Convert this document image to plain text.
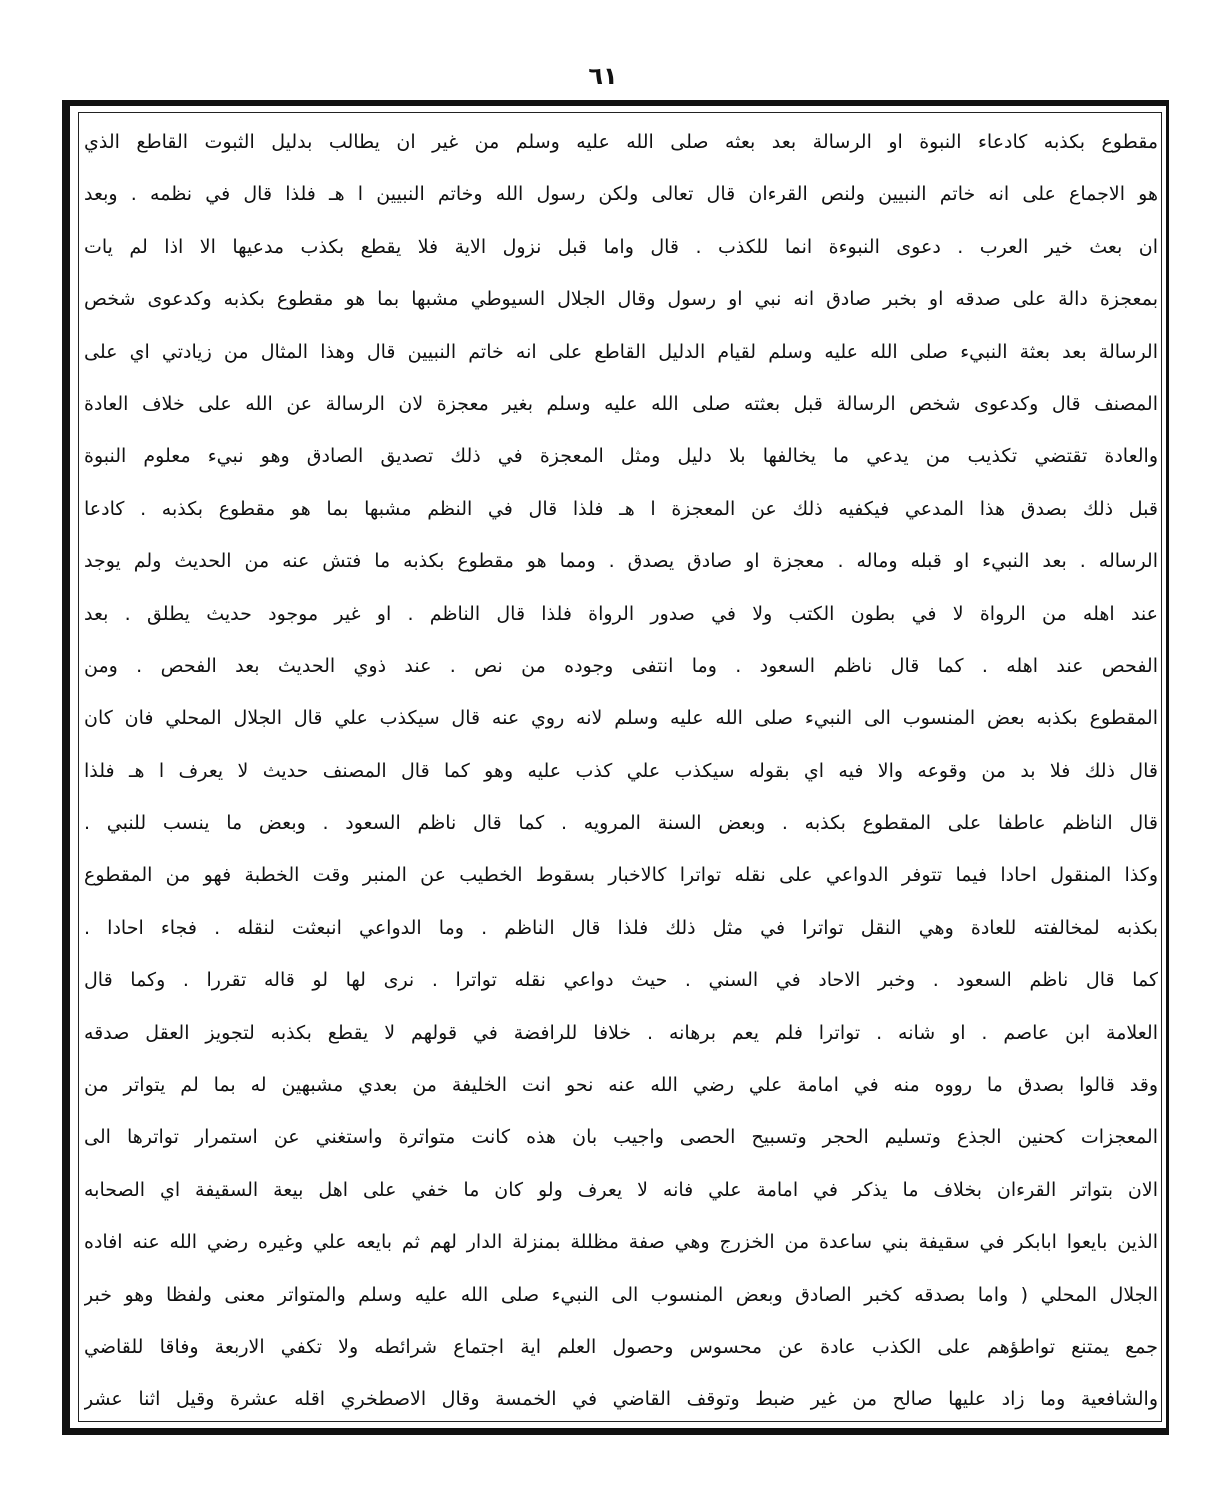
٦١
مقطوع بكذبه كادعاء النبوة او الرسالة بعد بعثه صلى الله عليه وسلم من غير ان يطالب بدليل الثبوت القاطع الذي
هو الاجماع على انه خاتم النبيين ولنص القرءان قال تعالى ولكن رسول الله وخاتم النبيين ا هـ فلذا قال في نظمه . وبعد
ان بعث خير العرب . دعوى النبوءة انما للكذب . قال واما قبل نزول الاية فلا يقطع بكذب مدعيها الا اذا لم يات
بمعجزة دالة على صدقه او بخبر صادق انه نبي او رسول وقال الجلال السيوطي مشبها بما هو مقطوع بكذبه وكدعوى شخص
الرسالة بعد بعثة النبيء صلى الله عليه وسلم لقيام الدليل القاطع على انه خاتم النبيين قال وهذا المثال من زيادتي اي على
المصنف قال وكدعوى شخص الرسالة قبل بعثته صلى الله عليه وسلم بغير معجزة لان الرسالة عن الله على خلاف العادة
والعادة تقتضي تكذيب من يدعي ما يخالفها بلا دليل ومثل المعجزة في ذلك تصديق الصادق وهو نبيء معلوم النبوة
قبل ذلك بصدق هذا المدعي فيكفيه ذلك عن المعجزة ا هـ فلذا قال في النظم مشبها بما هو مقطوع بكذبه . كادعا
الرساله . بعد النبيء او قبله وماله . معجزة او صادق يصدق . ومما هو مقطوع بكذبه ما فتش عنه من الحديث ولم يوجد
عند اهله من الرواة لا في بطون الكتب ولا في صدور الرواة فلذا قال الناظم . او غير موجود حديث يطلق . بعد
الفحص عند اهله . كما قال ناظم السعود . وما انتفى وجوده من نص . عند ذوي الحديث بعد الفحص . ومن
المقطوع بكذبه بعض المنسوب الى النبيء صلى الله عليه وسلم لانه روي عنه قال سيكذب علي قال الجلال المحلي فان كان
قال ذلك فلا بد من وقوعه والا فيه اي بقوله سيكذب علي كذب عليه وهو كما قال المصنف حديث لا يعرف ا هـ فلذا
قال الناظم عاطفا على المقطوع بكذبه . وبعض السنة المرويه . كما قال ناظم السعود . وبعض ما ينسب للنبي .
وكذا المنقول احادا فيما تتوفر الدواعي على نقله تواترا كالاخبار بسقوط الخطيب عن المنبر وقت الخطبة فهو من المقطوع
بكذبه لمخالفته للعادة وهي النقل تواترا في مثل ذلك فلذا قال الناظم . وما الدواعي انبعثت لنقله . فجاء احادا .
كما قال ناظم السعود . وخبر الاحاد في السني . حيث دواعي نقله تواترا . نرى لها لو قاله تقررا . وكما قال
العلامة ابن عاصم . او شانه . تواترا فلم يعم برهانه . خلافا للرافضة في قولهم لا يقطع بكذبه لتجويز العقل صدقه
وقد قالوا بصدق ما رووه منه في امامة علي رضي الله عنه نحو انت الخليفة من بعدي مشبهين له بما لم يتواتر من
المعجزات كحنين الجذع وتسليم الحجر وتسبيح الحصى واجيب بان هذه كانت متواترة واستغني عن استمرار تواترها الى
الان بتواتر القرءان بخلاف ما يذكر في امامة علي فانه لا يعرف ولو كان ما خفي على اهل بيعة السقيفة اي الصحابه
الذين بايعوا ابابكر في سقيفة بني ساعدة من الخزرج وهي صفة مظللة بمنزلة الدار لهم ثم بايعه علي وغيره رضي الله عنه افاده
الجلال المحلي ( واما بصدقه كخبر الصادق وبعض المنسوب الى النبيء صلى الله عليه وسلم والمتواتر معنى ولفظا وهو خبر
جمع يمتنع تواطؤهم على الكذب عادة عن محسوس وحصول العلم اية اجتماع شرائطه ولا تكفي الاربعة وفاقا للقاضي
والشافعية وما زاد عليها صالح من غير ضبط وتوقف القاضي في الخمسة وقال الاصطخري اقله عشرة وقيل اثنا عشر
